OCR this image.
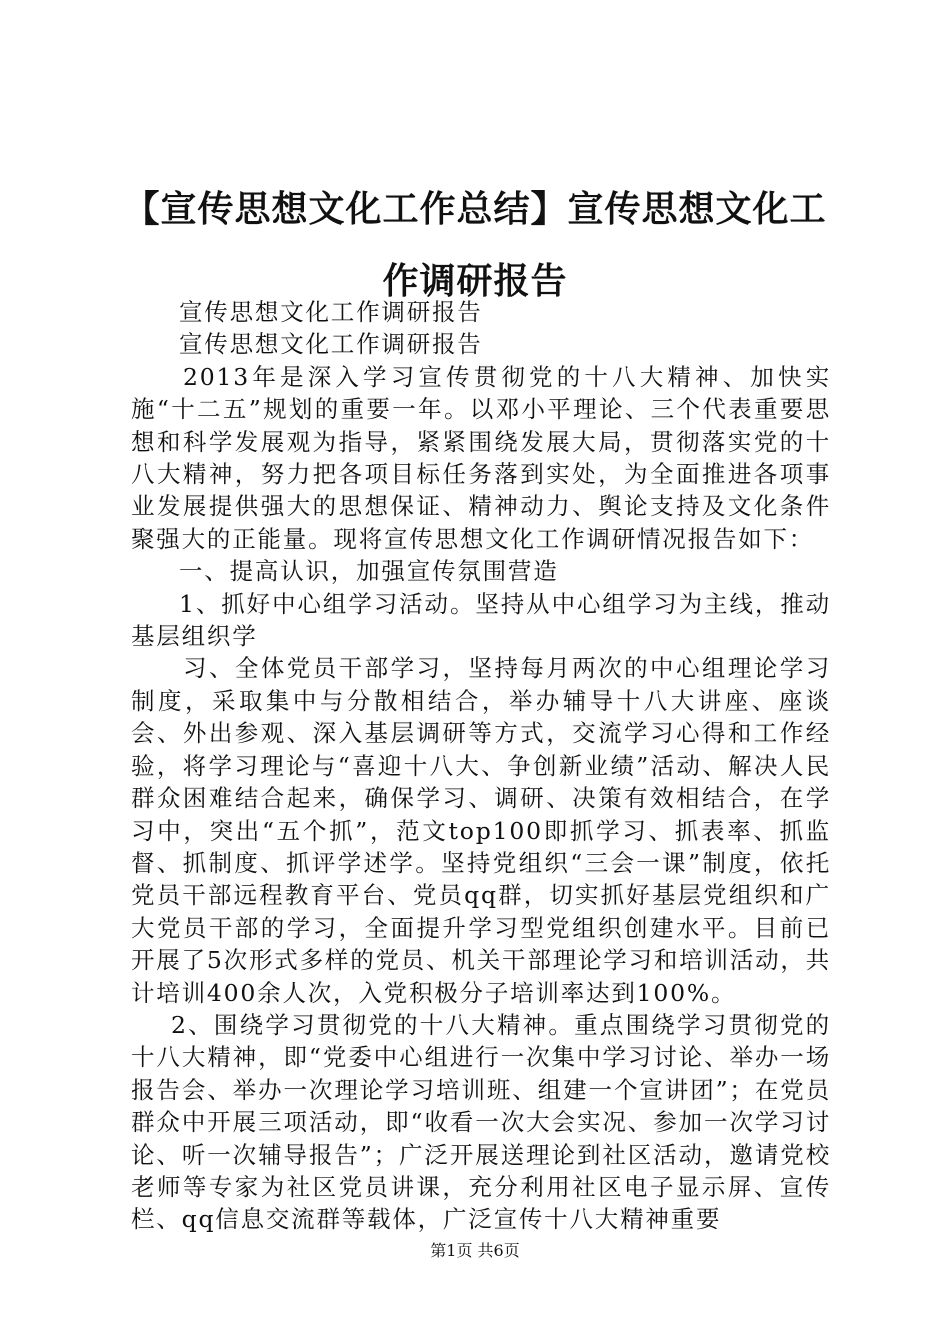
【宣传思想文化工作总结】宣传思想文化工作调研报告

宣传思想文化工作调研报告

宣传思想文化工作调研报告

2013年是深入学习宣传贯彻党的十八大精神、加快实施“十二五”规划的重要一年。以邓小平理论、三个代表重要思想和科学发展观为指导，紧紧围绕发展大局，贯彻落实党的十八大精神，努力把各项目标任务落到实处，为全面推进各项事业发展提供强大的思想保证、精神动力、舆论支持及文化条件聚强大的正能量。现将宣传思想文化工作调研情况报告如下：

一、提高认识，加强宣传氛围营造

1、抓好中心组学习活动。坚持从中心组学习为主线，推动基层组织学

习、全体党员干部学习，坚持每月两次的中心组理论学习制度，采取集中与分散相结合，举办辅导十八大讲座、座谈会、外出参观、深入基层调研等方式，交流学习心得和工作经验，将学习理论与“喜迎十八大、争创新业绩”活动、解决人民群众困难结合起来，确保学习、调研、决策有效相结合，在学习中，突出“五个抓”，范文top100即抓学习、抓表率、抓监督、抓制度、抓评学述学。坚持党组织“三会一课”制度，依托党员干部远程教育平台、党员qq群，切实抓好基层党组织和广大党员干部的学习，全面提升学习型党组织创建水平。目前已开展了5次形式多样的党员、机关干部理论学习和培训活动，共计培训400余人次，入党积极分子培训率达到100%。

2、围绕学习贯彻党的十八大精神。重点围绕学习贯彻党的十八大精神，即“党委中心组进行一次集中学习讨论、举办一场报告会、举办一次理论学习培训班、组建一个宣讲团”；在党员群众中开展三项活动，即“收看一次大会实况、参加一次学习讨论、听一次辅导报告”；广泛开展送理论到社区活动，邀请党校老师等专家为社区党员讲课，充分利用社区电子显示屏、宣传栏、qq信息交流群等载体，广泛宣传十八大精神重要

第1页 共6页
